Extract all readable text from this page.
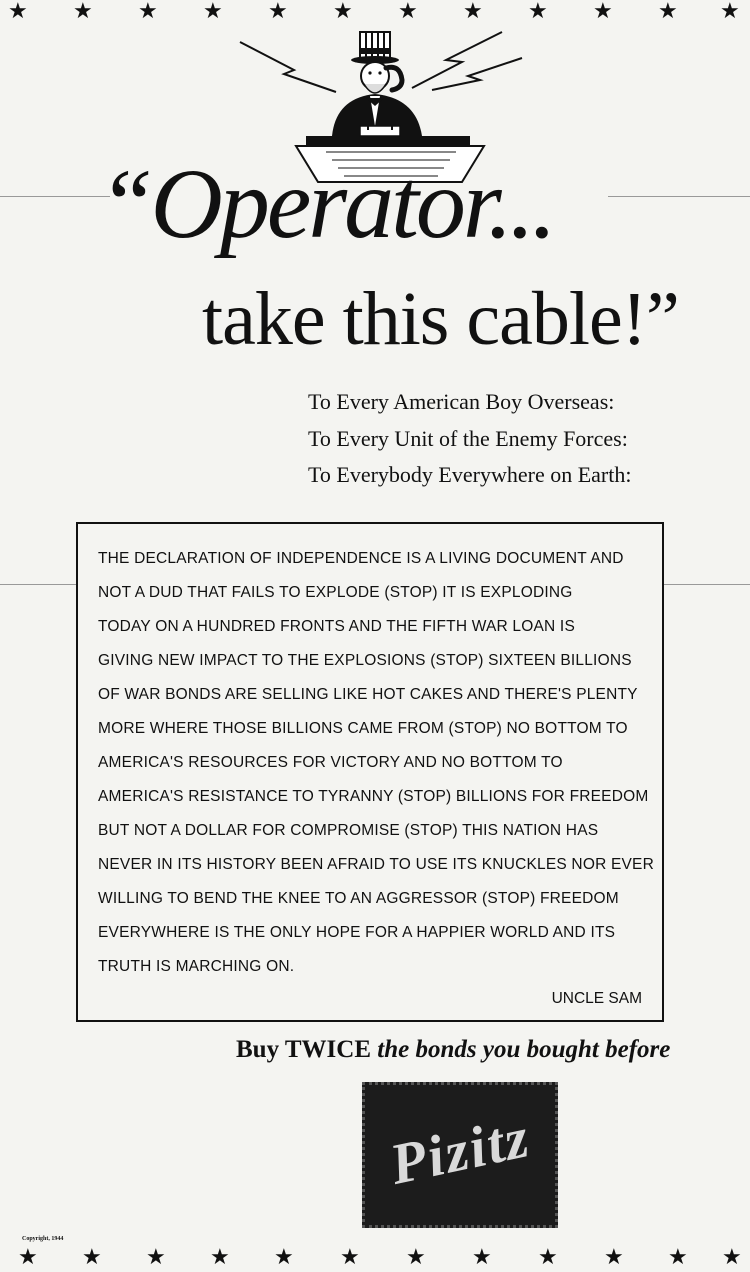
★ ★ ★ ★ ★ ★ ★ ★ ★ ★ ★ ★
“Operator...
take this cable!”
To Every American Boy Overseas:
To Every Unit of the Enemy Forces:
To Everybody Everywhere on Earth:
THE DECLARATION OF INDEPENDENCE IS A LIVING DOCUMENT AND
NOT A DUD THAT FAILS TO EXPLODE (STOP) IT IS EXPLODING
TODAY ON A HUNDRED FRONTS AND THE FIFTH WAR LOAN IS
GIVING NEW IMPACT TO THE EXPLOSIONS (STOP) SIXTEEN BILLIONS
OF WAR BONDS ARE SELLING LIKE HOT CAKES AND THERE'S PLENTY
MORE WHERE THOSE BILLIONS CAME FROM (STOP) NO BOTTOM TO
AMERICA'S RESOURCES FOR VICTORY AND NO BOTTOM TO
AMERICA'S RESISTANCE TO TYRANNY (STOP) BILLIONS FOR FREEDOM
BUT NOT A DOLLAR FOR COMPROMISE (STOP) THIS NATION HAS
NEVER IN ITS HISTORY BEEN AFRAID TO USE ITS KNUCKLES NOR EVER
WILLING TO BEND THE KNEE TO AN AGGRESSOR (STOP) FREEDOM
EVERYWHERE IS THE ONLY HOPE FOR A HAPPIER WORLD AND ITS
TRUTH IS MARCHING ON.
UNCLE SAM
Buy TWICE the bonds you bought before
Pizitz
Copyright, 1944
★ ★ ★ ★ ★ ★ ★ ★ ★ ★ ★ ★
